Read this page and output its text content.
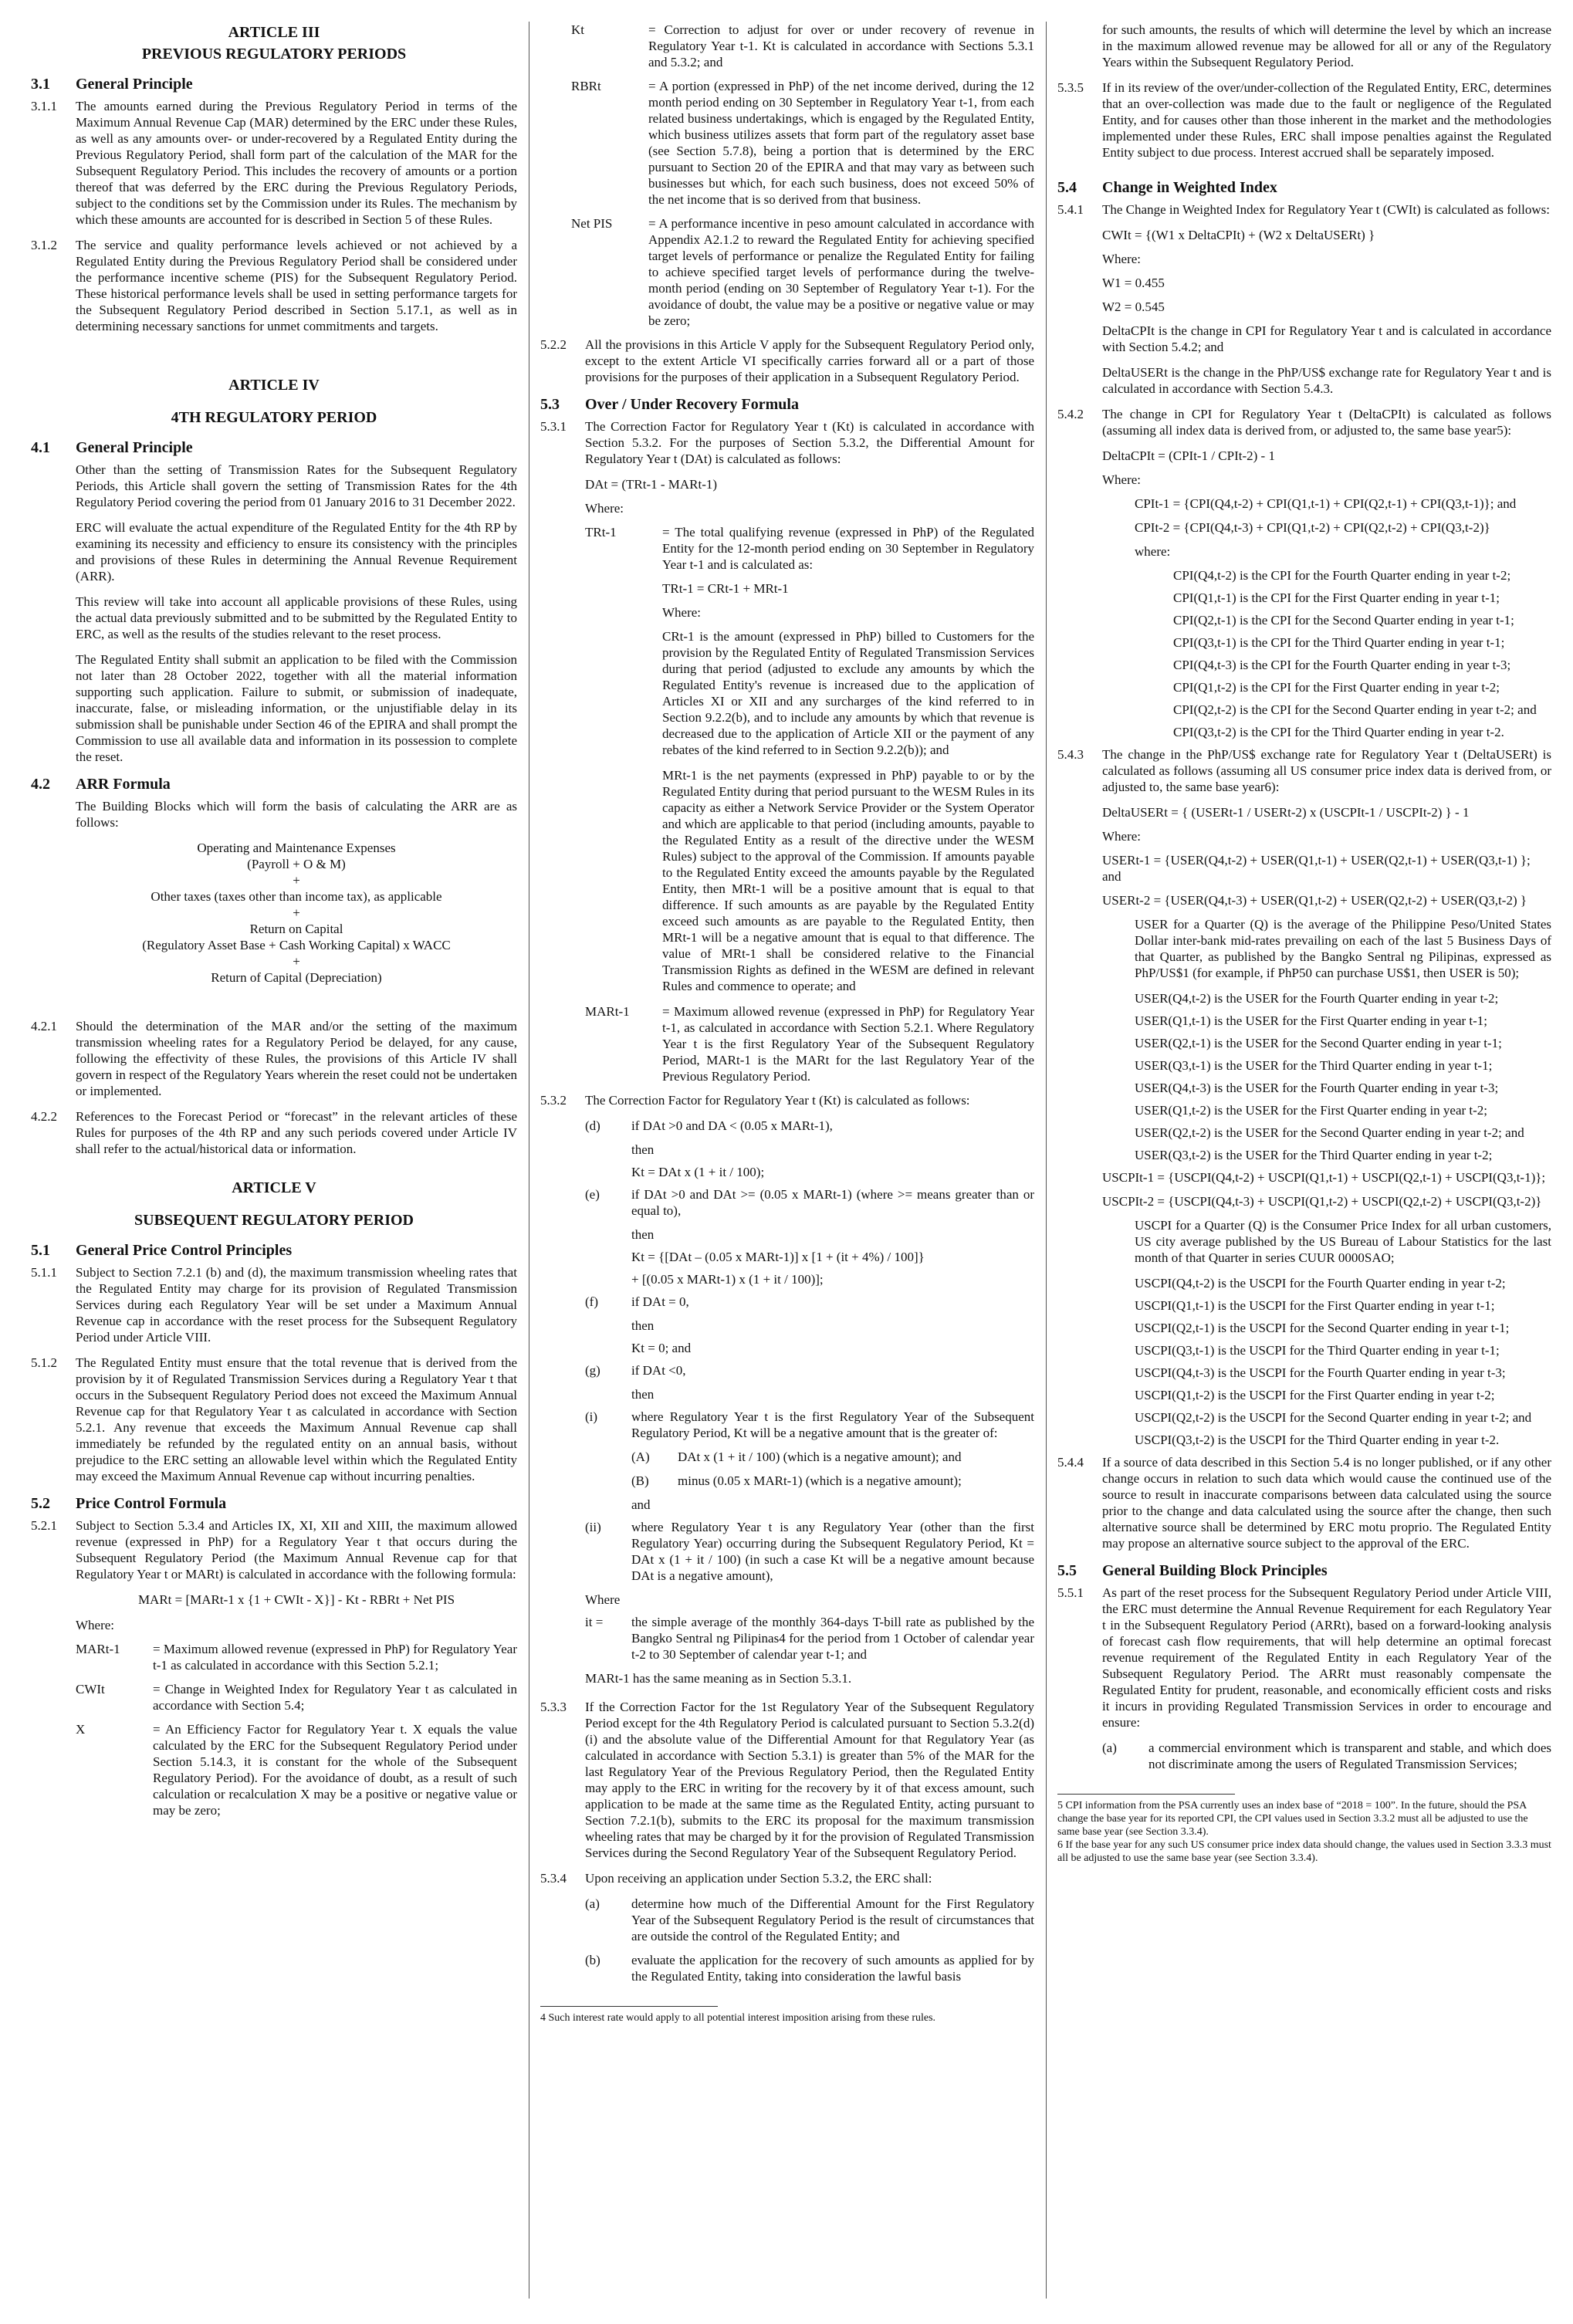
ARTICLE III
PREVIOUS REGULATORY PERIODS
3.1	General Principle
3.1.1	The amounts earned during the Previous Regulatory Period in terms of the Maximum Annual Revenue Cap (MAR) determined by the ERC under these Rules, as well as any amounts over- or under-recovered by a Regulated Entity during the Previous Regulatory Period, shall form part of the calculation of the MAR for the Subsequent Regulatory Period. This includes the recovery of amounts or a portion thereof that was deferred by the ERC during the Previous Regulatory Periods, subject to the conditions set by the Commission under its Rules. The mechanism by which these amounts are accounted for is described in Section 5 of these Rules.
3.1.2	The service and quality performance levels achieved or not achieved by a Regulated Entity during the Previous Regulatory Period shall be considered under the performance incentive scheme (PIS) for the Subsequent Regulatory Period. These historical performance levels shall be used in setting performance targets for the Subsequent Regulatory Period described in Section 5.17.1, as well as in determining necessary sanctions for unmet commitments and targets.
ARTICLE IV
4TH REGULATORY PERIOD
4.1	General Principle
Other than the setting of Transmission Rates for the Subsequent Regulatory Periods, this Article shall govern the setting of Transmission Rates for the 4th Regulatory Period covering the period from 01 January 2016 to 31 December 2022.
ERC will evaluate the actual expenditure of the Regulated Entity for the 4th RP by examining its necessity and efficiency to ensure its consistency with the principles and provisions of these Rules in determining the Annual Revenue Requirement (ARR).
This review will take into account all applicable provisions of these Rules, using the actual data previously submitted and to be submitted by the Regulated Entity to ERC, as well as the results of the studies relevant to the reset process.
The Regulated Entity shall submit an application to be filed with the Commission not later than 28 October 2022, together with all the material information supporting such application. Failure to submit, or submission of inadequate, inaccurate, false, or misleading information, or the unjustifiable delay in its submission shall be punishable under Section 46 of the EPIRA and shall prompt the Commission to use all available data and information in its possession to complete the reset.
4.2	ARR Formula
The Building Blocks which will form the basis of calculating the ARR are as follows:
Operating and Maintenance Expenses
(Payroll + O & M)
+
Other taxes (taxes other than income tax), as applicable
+
Return on Capital
(Regulatory Asset Base + Cash Working Capital) x WACC
+
Return of Capital (Depreciation)
4.2.1	Should the determination of the MAR and/or the setting of the maximum transmission wheeling rates for a Regulatory Period be delayed, for any cause, following the effectivity of these Rules, the provisions of this Article IV shall govern in respect of the Regulatory Years wherein the reset could not be undertaken or implemented.
4.2.2	References to the Forecast Period or “forecast” in the relevant articles of these Rules for purposes of the 4th RP and any such periods covered under Article IV shall refer to the actual/historical data or information.
ARTICLE V
SUBSEQUENT REGULATORY PERIOD
5.1	General Price Control Principles
5.1.1	Subject to Section 7.2.1 (b) and (d), the maximum transmission wheeling rates that the Regulated Entity may charge for its provision of Regulated Transmission Services during each Regulatory Year will be set under a Maximum Annual Revenue cap in accordance with the reset process for the Subsequent Regulatory Period under Article VIII.
5.1.2	The Regulated Entity must ensure that the total revenue that is derived from the provision by it of Regulated Transmission Services during a Regulatory Year t that occurs in the Subsequent Regulatory Period does not exceed the Maximum Annual Revenue cap for that Regulatory Year t as calculated in accordance with Section 5.2.1. Any revenue that exceeds the Maximum Annual Revenue cap shall immediately be refunded by the regulated entity on an annual basis, without prejudice to the ERC setting an allowable level within which the Regulated Entity may exceed the Maximum Annual Revenue cap without incurring penalties.
5.2	Price Control Formula
5.2.1	Subject to Section 5.3.4 and Articles IX, XI, XII and XIII, the maximum allowed revenue (expressed in PhP) for a Regulatory Year t that occurs during the Subsequent Regulatory Period (the Maximum Annual Revenue cap for that Regulatory Year t or MARt) is calculated in accordance with the following formula:
MARt = [MARt-1 x {1 + CWIt - X}] - Kt - RBRt + Net PIS
Where:
MARt-1	= Maximum allowed revenue (expressed in PhP) for Regulatory Year t-1 as calculated in accordance with this Section 5.2.1;
CWIt	= Change in Weighted Index for Regulatory Year t as calculated in accordance with Section 5.4;
X	= An Efficiency Factor for Regulatory Year t. X equals the value calculated by the ERC for the Subsequent Regulatory Period under Section 5.14.3, it is constant for the whole of the Subsequent Regulatory Period). For the avoidance of doubt, as a result of such calculation or recalculation X may be a positive or negative value or may be zero;
Kt	= Correction to adjust for over or under recovery of revenue in Regulatory Year t-1. Kt is calculated in accordance with Sections 5.3.1 and 5.3.2; and
RBRt	= A portion (expressed in PhP) of the net income derived, during the 12 month period ending on 30 September in Regulatory Year t-1, from each related business undertakings, which is engaged by the Regulated Entity, which business utilizes assets that form part of the regulatory asset base (see Section 5.7.8), being a portion that is determined by the ERC pursuant to Section 20 of the EPIRA and that may vary as between such businesses but which, for each such business, does not exceed 50% of the net income that is so derived from that business.
Net PIS	= A performance incentive in peso amount calculated in accordance with Appendix A2.1.2 to reward the Regulated Entity for achieving specified target levels of performance or penalize the Regulated Entity for failing to achieve specified target levels of performance during the twelve-month period (ending on 30 September of Regulatory Year t-1). For the avoidance of doubt, the value may be a positive or negative value or may be zero;
5.2.2	All the provisions in this Article V apply for the Subsequent Regulatory Period only, except to the extent Article VI specifically carries forward all or a part of those provisions for the purposes of their application in a Subsequent Regulatory Period.
5.3	Over / Under Recovery Formula
5.3.1	The Correction Factor for Regulatory Year t (Kt) is calculated in accordance with Section 5.3.2. For the purposes of Section 5.3.2, the Differential Amount for Regulatory Year t (DAt) is calculated as follows:
DAt = (TRt-1 - MARt-1)
Where:
TRt-1	= The total qualifying revenue (expressed in PhP) of the Regulated Entity for the 12-month period ending on 30 September in Regulatory Year t-1 and is calculated as:
TRt-1 = CRt-1 + MRt-1
Where:
CRt-1 is the amount (expressed in PhP) billed to Customers for the provision by the Regulated Entity of Regulated Transmission Services during that period (adjusted to exclude any amounts by which the Regulated Entity's revenue is increased due to the application of Articles XI or XII and any surcharges of the kind referred to in Section 9.2.2(b), and to include any amounts by which that revenue is decreased due to the application of Article XII or the payment of any rebates of the kind referred to in Section 9.2.2(b)); and
MRt-1 is the net payments (expressed in PhP) payable to or by the Regulated Entity during that period pursuant to the WESM Rules in its capacity as either a Network Service Provider or the System Operator and which are applicable to that period (including amounts, payable to the Regulated Entity as a result of the directive under the WESM Rules) subject to the approval of the Commission. If amounts payable to the Regulated Entity exceed the amounts payable by the Regulated Entity, then MRt-1 will be a positive amount that is equal to that difference. If such amounts as are payable by the Regulated Entity exceed such amounts as are payable to the Regulated Entity, then MRt-1 will be a negative amount that is equal to that difference. The value of MRt-1 shall be considered relative to the Financial Transmission Rights as defined in the WESM are defined in relevant Rules and commence to operate; and
MARt-1	= Maximum allowed revenue (expressed in PhP) for Regulatory Year t-1, as calculated in accordance with Section 5.2.1. Where Regulatory Year t is the first Regulatory Year of the Subsequent Regulatory Period, MARt-1 is the MARt for the last Regulatory Year of the Previous Regulatory Period.
5.3.2	The Correction Factor for Regulatory Year t (Kt) is calculated as follows:
(d)	if DAt >0 and DA < (0.05 x MARt-1),
then
Kt = DAt x (1 + it / 100);
(e)	if DAt >0 and DAt >= (0.05 x MARt-1) (where >= means greater than or equal to),
then
Kt = {[DAt – (0.05 x MARt-1)] x [1 + (it + 4%) / 100]}
+ [(0.05 x MARt-1) x (1 + it / 100)];
(f)	if DAt = 0,
then
Kt = 0; and
(g)	if DAt <0,
then
(i)	where Regulatory Year t is the first Regulatory Year of the Subsequent Regulatory Period, Kt will be a negative amount that is the greater of:
(A)	DAt x (1 + it / 100) (which is a negative amount); and
(B)	minus (0.05 x MARt-1) (which is a negative amount);
and
(ii)	where Regulatory Year t is any Regulatory Year (other than the first Regulatory Year) occurring during the Subsequent Regulatory Period, Kt = DAt x (1 + it / 100) (in such a case Kt will be a negative amount because DAt is a negative amount),
Where
it =	the simple average of the monthly 364-days T-bill rate as published by the Bangko Sentral ng Pilipinas4 for the period from 1 October of calendar year t-2 to 30 September of calendar year t-1; and
MARt-1 has the same meaning as in Section 5.3.1.
5.3.3	If the Correction Factor for the 1st Regulatory Year of the Subsequent Regulatory Period except for the 4th Regulatory Period is calculated pursuant to Section 5.3.2(d)(i) and the absolute value of the Differential Amount for that Regulatory Year (as calculated in accordance with Section 5.3.1) is greater than 5% of the MAR for the last Regulatory Year of the Previous Regulatory Period, then the Regulated Entity may apply to the ERC in writing for the recovery by it of that excess amount, such application to be made at the same time as the Regulated Entity, acting pursuant to Section 7.2.1(b), submits to the ERC its proposal for the maximum transmission wheeling rates that may be charged by it for the provision of Regulated Transmission Services during the Second Regulatory Year of the Subsequent Regulatory Period.
5.3.4	Upon receiving an application under Section 5.3.2, the ERC shall:
(a)	determine how much of the Differential Amount for the First Regulatory Year of the Subsequent Regulatory Period is the result of circumstances that are outside the control of the Regulated Entity; and
(b)	evaluate the application for the recovery of such amounts as applied for by the Regulated Entity, taking into consideration the lawful basis
4 Such interest rate would apply to all potential interest imposition arising from these rules.
for such amounts, the results of which will determine the level by which an increase in the maximum allowed revenue may be allowed for all or any of the Regulatory Years within the Subsequent Regulatory Period.
5.3.5	If in its review of the over/under-collection of the Regulated Entity, ERC, determines that an over-collection was made due to the fault or negligence of the Regulated Entity, and for causes other than those inherent in the market and the methodologies implemented under these Rules, ERC shall impose penalties against the Regulated Entity subject to due process. Interest accrued shall be separately imposed.
5.4	Change in Weighted Index
5.4.1	The Change in Weighted Index for Regulatory Year t (CWIt) is calculated as follows:
CWIt = {(W1 x DeltaCPIt) + (W2 x DeltaUSERt) }
Where:
W1 = 0.455
W2 = 0.545
DeltaCPIt is the change in CPI for Regulatory Year t and is calculated in accordance with Section 5.4.2; and
DeltaUSERt is the change in the PhP/US$ exchange rate for Regulatory Year t and is calculated in accordance with Section 5.4.3.
5.4.2	The change in CPI for Regulatory Year t (DeltaCPIt) is calculated as follows (assuming all index data is derived from, or adjusted to, the same base year5):
DeltaCPIt = (CPIt-1 / CPIt-2) - 1
Where:
CPIt-1 = {CPI(Q4,t-2) + CPI(Q1,t-1) + CPI(Q2,t-1) + CPI(Q3,t-1)}; and
CPIt-2 = {CPI(Q4,t-3) + CPI(Q1,t-2) + CPI(Q2,t-2) + CPI(Q3,t-2)}
where:
CPI(Q4,t-2) is the CPI for the Fourth Quarter ending in year t-2;
CPI(Q1,t-1) is the CPI for the First Quarter ending in year t-1;
CPI(Q2,t-1) is the CPI for the Second Quarter ending in year t-1;
CPI(Q3,t-1) is the CPI for the Third Quarter ending in year t-1;
CPI(Q4,t-3) is the CPI for the Fourth Quarter ending in year t-3;
CPI(Q1,t-2) is the CPI for the First Quarter ending in year t-2;
CPI(Q2,t-2) is the CPI for the Second Quarter ending in year t-2; and
CPI(Q3,t-2) is the CPI for the Third Quarter ending in year t-2.
5.4.3	The change in the PhP/US$ exchange rate for Regulatory Year t (DeltaUSERt) is calculated as follows (assuming all US consumer price index data is derived from, or adjusted to, the same base year6):
DeltaUSERt = { (USERt-1 / USERt-2) x (USCPIt-1 / USCPIt-2) } - 1
Where:
USERt-1 = {USER(Q4,t-2) + USER(Q1,t-1) + USER(Q2,t-1) + USER(Q3,t-1) }; and
USERt-2 = {USER(Q4,t-3) + USER(Q1,t-2) + USER(Q2,t-2) + USER(Q3,t-2) }
USER for a Quarter (Q) is the average of the Philippine Peso/United States Dollar inter-bank mid-rates prevailing on each of the last 5 Business Days of that Quarter, as published by the Bangko Sentral ng Pilipinas, expressed as PhP/US$1 (for example, if PhP50 can purchase US$1, then USER is 50);
USER(Q4,t-2) is the USER for the Fourth Quarter ending in year t-2;
USER(Q1,t-1) is the USER for the First Quarter ending in year t-1;
USER(Q2,t-1) is the USER for the Second Quarter ending in year t-1;
USER(Q3,t-1) is the USER for the Third Quarter ending in year t-1;
USER(Q4,t-3) is the USER for the Fourth Quarter ending in year t-3;
USER(Q1,t-2) is the USER for the First Quarter ending in year t-2;
USER(Q2,t-2) is the USER for the Second Quarter ending in year t-2; and
USER(Q3,t-2) is the USER for the Third Quarter ending in year t-2;
USCPIt-1 = {USCPI(Q4,t-2) + USCPI(Q1,t-1) + USCPI(Q2,t-1) + USCPI(Q3,t-1)};
USCPIt-2 = {USCPI(Q4,t-3) + USCPI(Q1,t-2) + USCPI(Q2,t-2) + USCPI(Q3,t-2)}
USCPI for a Quarter (Q) is the Consumer Price Index for all urban customers, US city average published by the US Bureau of Labour Statistics for the last month of that Quarter in series CUUR 0000SAO;
USCPI(Q4,t-2) is the USCPI for the Fourth Quarter ending in year t-2;
USCPI(Q1,t-1) is the USCPI for the First Quarter ending in year t-1;
USCPI(Q2,t-1) is the USCPI for the Second Quarter ending in year t-1;
USCPI(Q3,t-1) is the USCPI for the Third Quarter ending in year t-1;
USCPI(Q4,t-3) is the USCPI for the Fourth Quarter ending in year t-3;
USCPI(Q1,t-2) is the USCPI for the First Quarter ending in year t-2;
USCPI(Q2,t-2) is the USCPI for the Second Quarter ending in year t-2; and
USCPI(Q3,t-2) is the USCPI for the Third Quarter ending in year t-2.
5.4.4	If a source of data described in this Section 5.4 is no longer published, or if any other change occurs in relation to such data which would cause the continued use of the source to result in inaccurate comparisons between data calculated using the source prior to the change and data calculated using the source after the change, then such alternative source shall be determined by ERC motu proprio. The Regulated Entity may propose an alternative source subject to the approval of the ERC.
5.5	General Building Block Principles
5.5.1	As part of the reset process for the Subsequent Regulatory Period under Article VIII, the ERC must determine the Annual Revenue Requirement for each Regulatory Year t in the Subsequent Regulatory Period (ARRt), based on a forward-looking analysis of forecast cash flow requirements, that will help determine an optimal forecast revenue requirement of the Regulated Entity in each Regulatory Year of the Subsequent Regulatory Period. The ARRt must reasonably compensate the Regulated Entity for prudent, reasonable, and economically efficient costs and risks it incurs in providing Regulated Transmission Services in order to encourage and ensure:
(a)	a commercial environment which is transparent and stable, and which does not discriminate among the users of Regulated Transmission Services;
5 CPI information from the PSA currently uses an index base of “2018 = 100”. In the future, should the PSA change the base year for its reported CPI, the CPI values used in Section 3.3.2 must all be adjusted to use the same base year (see Section 3.3.4).
6 If the base year for any such US consumer price index data should change, the values used in Section 3.3.3 must all be adjusted to use the same base year (see Section 3.3.4).
